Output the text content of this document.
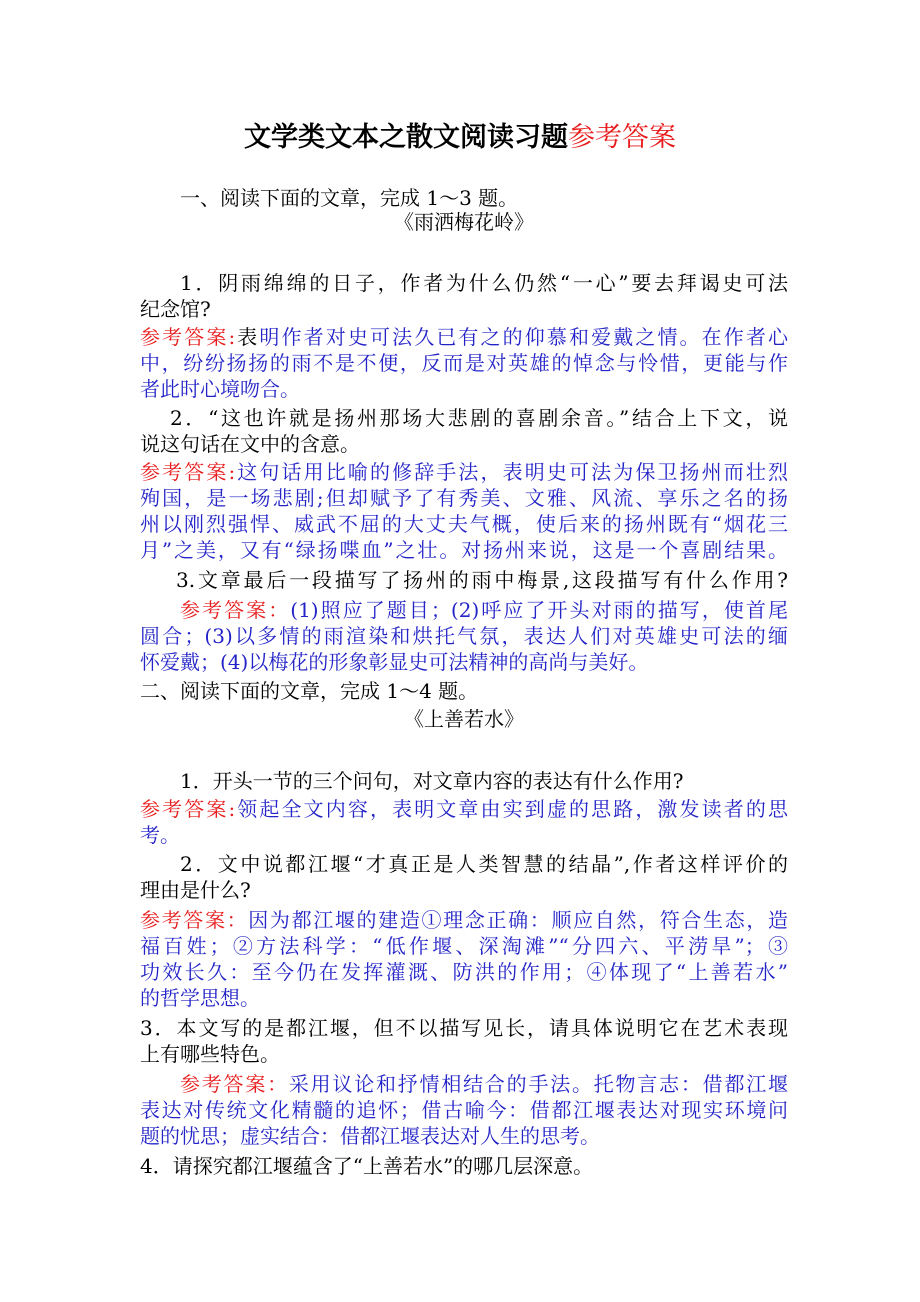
文学类文本之散文阅读习题参考答案
一、阅读下面的文章，完成 1～3 题。
《雨洒梅花岭》
1．阴雨绵绵的日子，作者为什么仍然“一心”要去拜谒史可法
纪念馆?
参考答案:表明作者对史可法久已有之的仰慕和爱戴之情。在作者心
中，纷纷扬扬的雨不是不便，反而是对英雄的悼念与怜惜，更能与作
者此时心境吻合。
2．“这也许就是扬州那场大悲剧的喜剧余音。”结合上下文，说
说这句话在文中的含意。
参考答案:这句话用比喻的修辞手法，表明史可法为保卫扬州而壮烈
殉国，是一场悲剧;但却赋予了有秀美、文雅、风流、享乐之名的扬
州以刚烈强悍、威武不屈的大丈夫气概，使后来的扬州既有“烟花三
月”之美，又有“绿扬喋血”之壮。对扬州来说，这是一个喜剧结果。
3.文章最后一段描写了扬州的雨中梅景,这段描写有什么作用?
参考答案：(1)照应了题目；(2)呼应了开头对雨的描写，使首尾
圆合；(3)以多情的雨渲染和烘托气氛，表达人们对英雄史可法的缅
怀爱戴；(4)以梅花的形象彰显史可法精神的高尚与美好。
二、阅读下面的文章，完成 1～4 题。
《上善若水》
1．开头一节的三个问句，对文章内容的表达有什么作用?
参考答案:领起全文内容，表明文章由实到虚的思路，激发读者的思
考。
2．文中说都江堰“才真正是人类智慧的结晶”,作者这样评价的
理由是什么?
参考答案：因为都江堰的建造①理念正确：顺应自然，符合生态，造
福百姓；②方法科学：“低作堰、深淘滩”“分四六、平涝旱”；③
功效长久：至今仍在发挥灌溉、防洪的作用；④体现了“上善若水”
的哲学思想。
3．本文写的是都江堰，但不以描写见长，请具体说明它在艺术表现
上有哪些特色。
参考答案：采用议论和抒情相结合的手法。托物言志：借都江堰
表达对传统文化精髓的追怀；借古喻今：借都江堰表达对现实环境问
题的忧思；虚实结合：借都江堰表达对人生的思考。
4．请探究都江堰蕴含了“上善若水”的哪几层深意。
